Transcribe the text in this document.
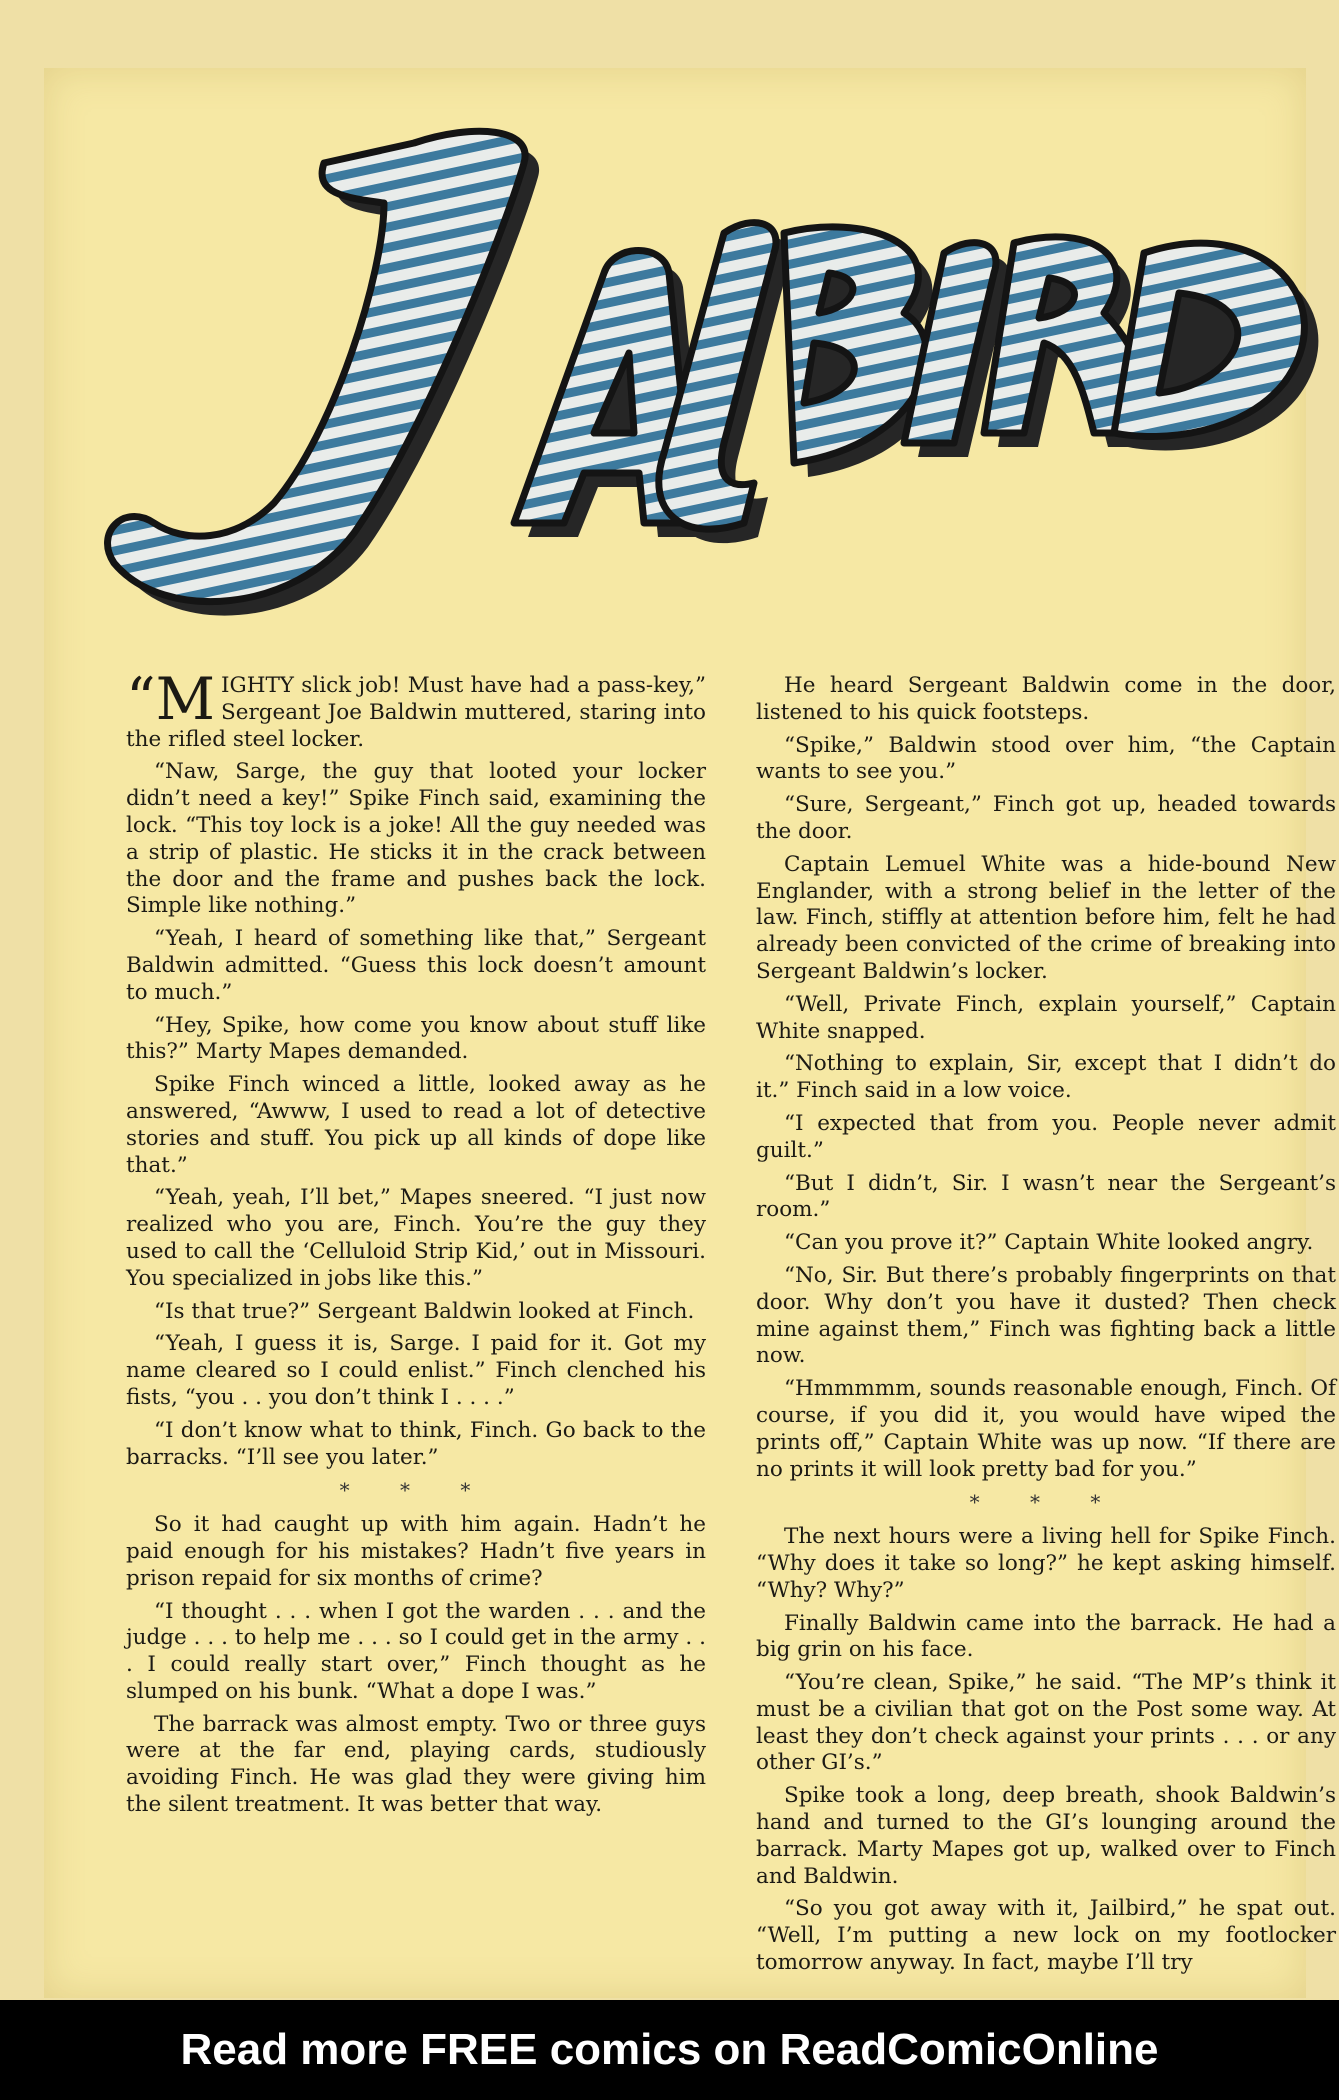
“MIGHTY slick job! Must have had a pass-key,” Sergeant Joe Baldwin muttered, staring into the rifled steel locker.

“Naw, Sarge, the guy that looted your locker didn’t need a key!” Spike Finch said, examining the lock. “This toy lock is a joke! All the guy needed was a strip of plastic. He sticks it in the crack between the door and the frame and pushes back the lock. Simple like nothing.”

“Yeah, I heard of something like that,” Sergeant Baldwin admitted. “Guess this lock doesn’t amount to much.”

“Hey, Spike, how come you know about stuff like this?” Marty Mapes demanded.

Spike Finch winced a little, looked away as he answered, “Awww, I used to read a lot of detective stories and stuff. You pick up all kinds of dope like that.”

“Yeah, yeah, I’ll bet,” Mapes sneered. “I just now realized who you are, Finch. You’re the guy they used to call the ‘Celluloid Strip Kid,’ out in Missouri. You specialized in jobs like this.”

“Is that true?” Sergeant Baldwin looked at Finch.

“Yeah, I guess it is, Sarge. I paid for it. Got my name cleared so I could enlist.” Finch clenched his fists, “you . . you don’t think I . . . .”

“I don’t know what to think, Finch. Go back to the barracks. “I’ll see you later.”

* * *

So it had caught up with him again. Hadn’t he paid enough for his mistakes? Hadn’t five years in prison repaid for six months of crime?

“I thought . . . when I got the warden . . . and the judge . . . to help me . . . so I could get in the army . . . I could really start over,” Finch thought as he slumped on his bunk. “What a dope I was.”

The barrack was almost empty. Two or three guys were at the far end, playing cards, studiously avoiding Finch. He was glad they were giving him the silent treatment. It was better that way.

He heard Sergeant Baldwin come in the door, listened to his quick footsteps.

“Spike,” Baldwin stood over him, “the Captain wants to see you.”

“Sure, Sergeant,” Finch got up, headed towards the door.

Captain Lemuel White was a hide-bound New Englander, with a strong belief in the letter of the law. Finch, stiffly at attention before him, felt he had already been convicted of the crime of breaking into Sergeant Baldwin’s locker.

“Well, Private Finch, explain yourself,” Captain White snapped.

“Nothing to explain, Sir, except that I didn’t do it.” Finch said in a low voice.

“I expected that from you. People never admit guilt.”

“But I didn’t, Sir. I wasn’t near the Sergeant’s room.”

“Can you prove it?” Captain White looked angry.

“No, Sir. But there’s probably fingerprints on that door. Why don’t you have it dusted? Then check mine against them,” Finch was fighting back a little now.

“Hmmmmm, sounds reasonable enough, Finch. Of course, if you did it, you would have wiped the prints off,” Captain White was up now. “If there are no prints it will look pretty bad for you.”

* * *

The next hours were a living hell for Spike Finch. “Why does it take so long?” he kept asking himself. “Why? Why?”

Finally Baldwin came into the barrack. He had a big grin on his face.

“You’re clean, Spike,” he said. “The MP’s think it must be a civilian that got on the Post some way. At least they don’t check against your prints . . . or any other GI’s.”

Spike took a long, deep breath, shook Baldwin’s hand and turned to the GI’s lounging around the barrack. Marty Mapes got up, walked over to Finch and Baldwin.

“So you got away with it, Jailbird,” he spat out. “Well, I’m putting a new lock on my footlocker tomorrow anyway. In fact, maybe I’ll try

Read more FREE comics on ReadComicOnline
